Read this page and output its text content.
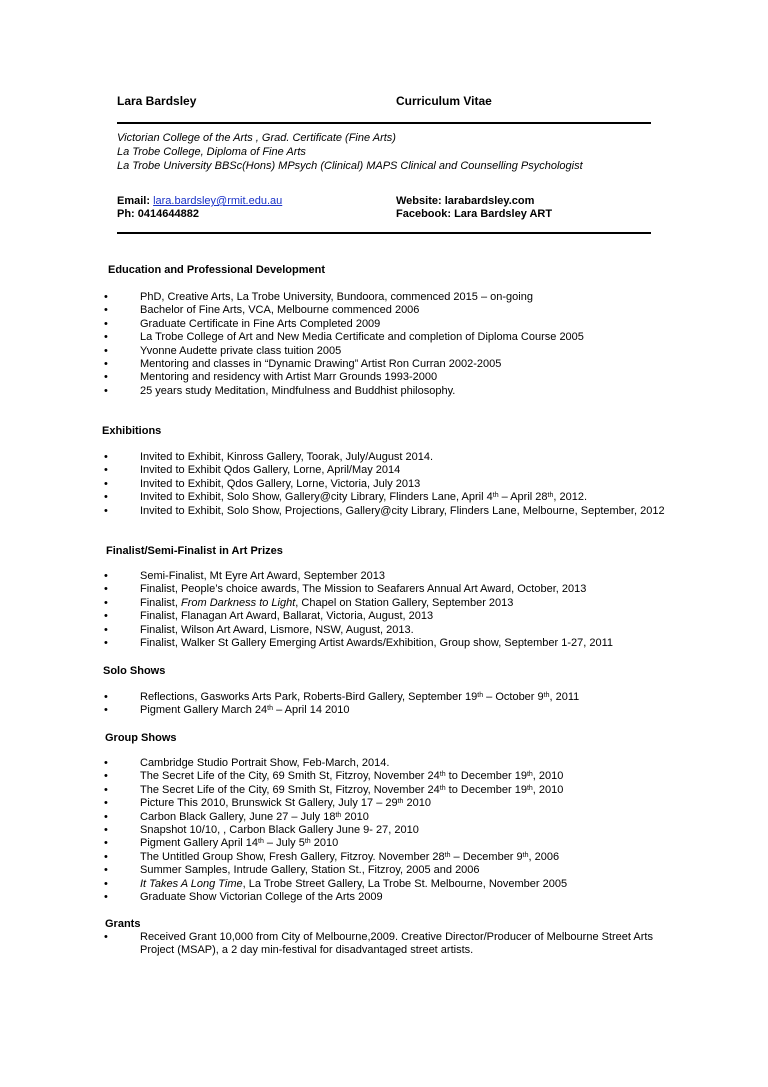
Lara Bardsley	Curriculum Vitae
Victorian College of the Arts , Grad. Certificate (Fine Arts)
La Trobe College, Diploma of Fine Arts
La Trobe University BBSc(Hons) MPsych (Clinical) MAPS Clinical and Counselling Psychologist
Email: lara.bardsley@rmit.edu.au	Website: larabardsley.com
Ph: 0414644882	Facebook: Lara Bardsley ART
Education and Professional Development
•	PhD, Creative Arts, La Trobe University, Bundoora, commenced 2015 – on-going
•	Bachelor of Fine Arts, VCA, Melbourne commenced 2006
•	Graduate Certificate in Fine Arts Completed 2009
•	La Trobe College of Art and New Media Certificate and completion of Diploma Course 2005
•	Yvonne Audette private class tuition 2005
•	Mentoring and classes in “Dynamic Drawing” Artist Ron Curran 2002-2005
•	Mentoring and residency with Artist Marr Grounds 1993-2000
•	25 years study Meditation, Mindfulness and Buddhist philosophy.
Exhibitions
•	Invited to Exhibit, Kinross Gallery, Toorak, July/August 2014.
•	Invited to Exhibit Qdos Gallery, Lorne, April/May 2014
•	Invited to Exhibit, Qdos Gallery, Lorne, Victoria, July 2013
•	Invited to Exhibit, Solo Show, Gallery@city Library, Flinders Lane, April 4th – April 28th, 2012.
•	Invited to Exhibit, Solo Show, Projections, Gallery@city Library, Flinders Lane, Melbourne, September, 2012
Finalist/Semi-Finalist in Art Prizes
•	Semi-Finalist, Mt Eyre Art Award, September 2013
•	Finalist, People’s choice awards, The Mission to Seafarers Annual Art Award, October, 2013
•	Finalist, From Darkness to Light, Chapel on Station Gallery, September 2013
•	Finalist, Flanagan Art Award, Ballarat, Victoria, August, 2013
•	Finalist, Wilson Art Award, Lismore, NSW, August, 2013.
•	Finalist, Walker St Gallery Emerging Artist Awards/Exhibition, Group show, September 1-27, 2011
Solo Shows
•	Reflections, Gasworks Arts Park, Roberts-Bird Gallery, September 19th – October 9th, 2011
•	Pigment Gallery March 24th – April 14 2010
Group Shows
•	Cambridge Studio Portrait Show, Feb-March, 2014.
•	The Secret Life of the City, 69 Smith St, Fitzroy, November 24th to December 19th, 2010
•	The Secret Life of the City, 69 Smith St, Fitzroy, November 24th to December 19th, 2010
•	Picture This 2010, Brunswick St Gallery, July 17 – 29th 2010
•	Carbon Black Gallery, June 27 – July 18th 2010
•	Snapshot 10/10, , Carbon Black Gallery June 9- 27, 2010
•	Pigment Gallery April 14th – July 5th 2010
•	The Untitled Group Show, Fresh Gallery, Fitzroy. November 28th – December 9th, 2006
•	Summer Samples, Intrude Gallery, Station St., Fitzroy, 2005 and 2006
•	It Takes A Long Time, La Trobe Street Gallery, La Trobe St. Melbourne, November 2005
•	Graduate Show Victorian College of the Arts 2009
Grants
•	Received Grant 10,000 from City of Melbourne,2009. Creative Director/Producer of Melbourne Street Arts
Project (MSAP), a 2 day min-festival for disadvantaged street artists.
